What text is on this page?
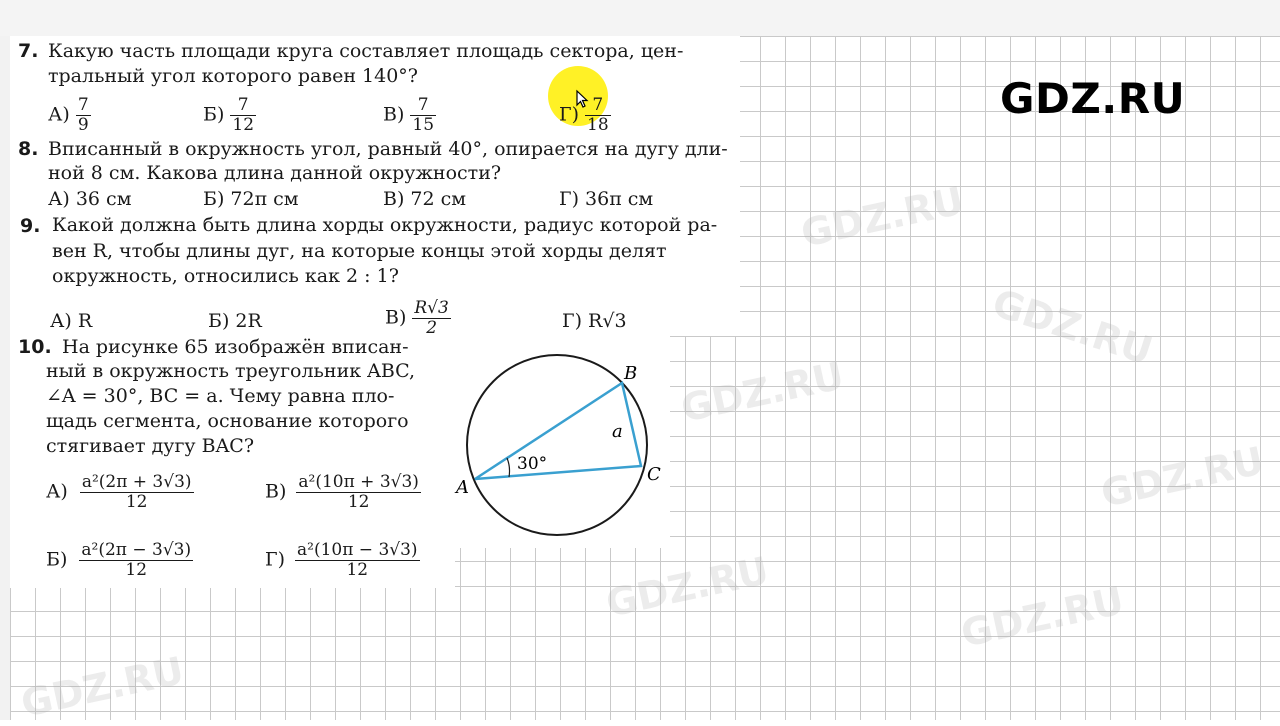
GDZ.RU
GDZ.RU
GDZ.RU
GDZ.RU
GDZ.RU	GDZ.RU
GDZ.RU
GDZ.RU
7. Какую часть площади круга составляет площадь сектора, цен-
тральный угол которого равен 140°?
$А) \frac{7}{9}$	$Б) \frac{7}{12}$	$В) \frac{7}{15}$	$Г) \frac{7}{18}$
8. Вписанный в окружность угол, равный 40°, опирается на дугу дли-
ной 8 см. Какова длина данной окружности?
А) 36 см	Б) 72π см	В) 72 см	Г) 36π см
9. Какой должна быть длина хорды окружности, радиус которой ра-
вен R, чтобы длины дуг, на которые концы этой хорды делят
окружность, относились как 2 : 1?
А) R	Б) 2R	$В) \frac{R√3}{2}$	Г) R√3
10. На рисунке 65 изображён вписан-
ный в окружность треугольник ABC,
∠A = 30°, BC = a. Чему равна пло-
щадь сегмента, основание которого
стягивает дугу BAC?
$А) \frac{\text{a²(2π + 3√3)}}{12}$
$Б) \frac{\text{a²(2π − 3√3)}}{12}$
$В) \frac{\text{a²(10π + 3√3)}}{12}$
$Г) \frac{\text{a²(10π − 3√3)}}{12}$
30°
A
B
C
a
